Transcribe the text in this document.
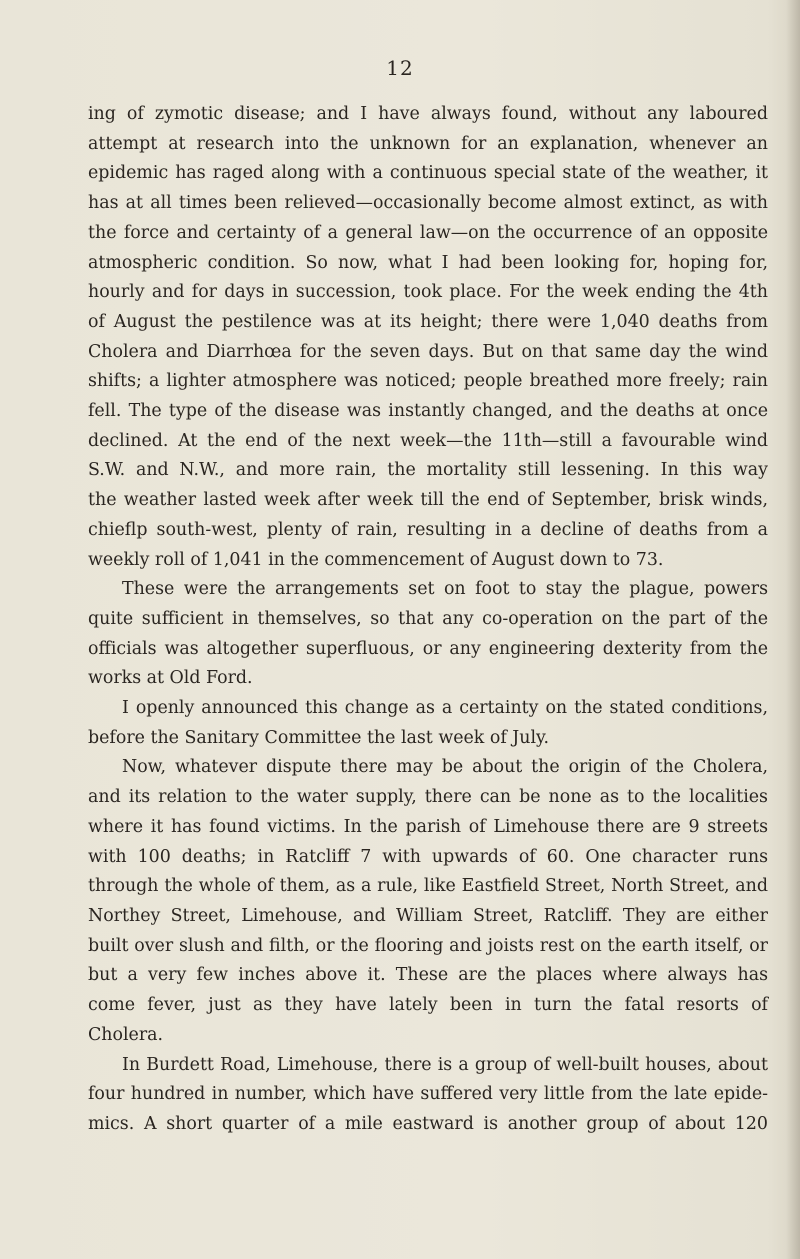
12
ing of zymotic disease; and I have always found, without any laboured
attempt at research into the unknown for an explanation, whenever an
epidemic has raged along with a continuous special state of the weather, it
has at all times been relieved—occasionally become almost extinct, as with
the force and certainty of a general law—on the occurrence of an opposite
atmospheric condition. So now, what I had been looking for, hoping for,
hourly and for days in succession, took place. For the week ending the 4th
of August the pestilence was at its height; there were 1,040 deaths from
Cholera and Diarrhœa for the seven days. But on that same day the wind
shifts; a lighter atmosphere was noticed; people breathed more freely; rain
fell. The type of the disease was instantly changed, and the deaths at once
declined. At the end of the next week—the 11th—still a favourable wind
S.W. and N.W., and more rain, the mortality still lessening. In this way
the weather lasted week after week till the end of September, brisk winds,
chieflp south-west, plenty of rain, resulting in a decline of deaths from a
weekly roll of 1,041 in the commencement of August down to 73.
These were the arrangements set on foot to stay the plague, powers
quite sufficient in themselves, so that any co-operation on the part of the
officials was altogether superfluous, or any engineering dexterity from the
works at Old Ford.
I openly announced this change as a certainty on the stated conditions,
before the Sanitary Committee the last week of July.
Now, whatever dispute there may be about the origin of the Cholera,
and its relation to the water supply, there can be none as to the localities
where it has found victims. In the parish of Limehouse there are 9 streets
with 100 deaths; in Ratcliff 7 with upwards of 60. One character runs
through the whole of them, as a rule, like Eastfield Street, North Street, and
Northey Street, Limehouse, and William Street, Ratcliff. They are either
built over slush and filth, or the flooring and joists rest on the earth itself, or
but a very few inches above it. These are the places where always has
come fever, just as they have lately been in turn the fatal resorts of
Cholera.
In Burdett Road, Limehouse, there is a group of well-built houses, about
four hundred in number, which have suffered very little from the late epide-
mics. A short quarter of a mile eastward is another group of about 120
